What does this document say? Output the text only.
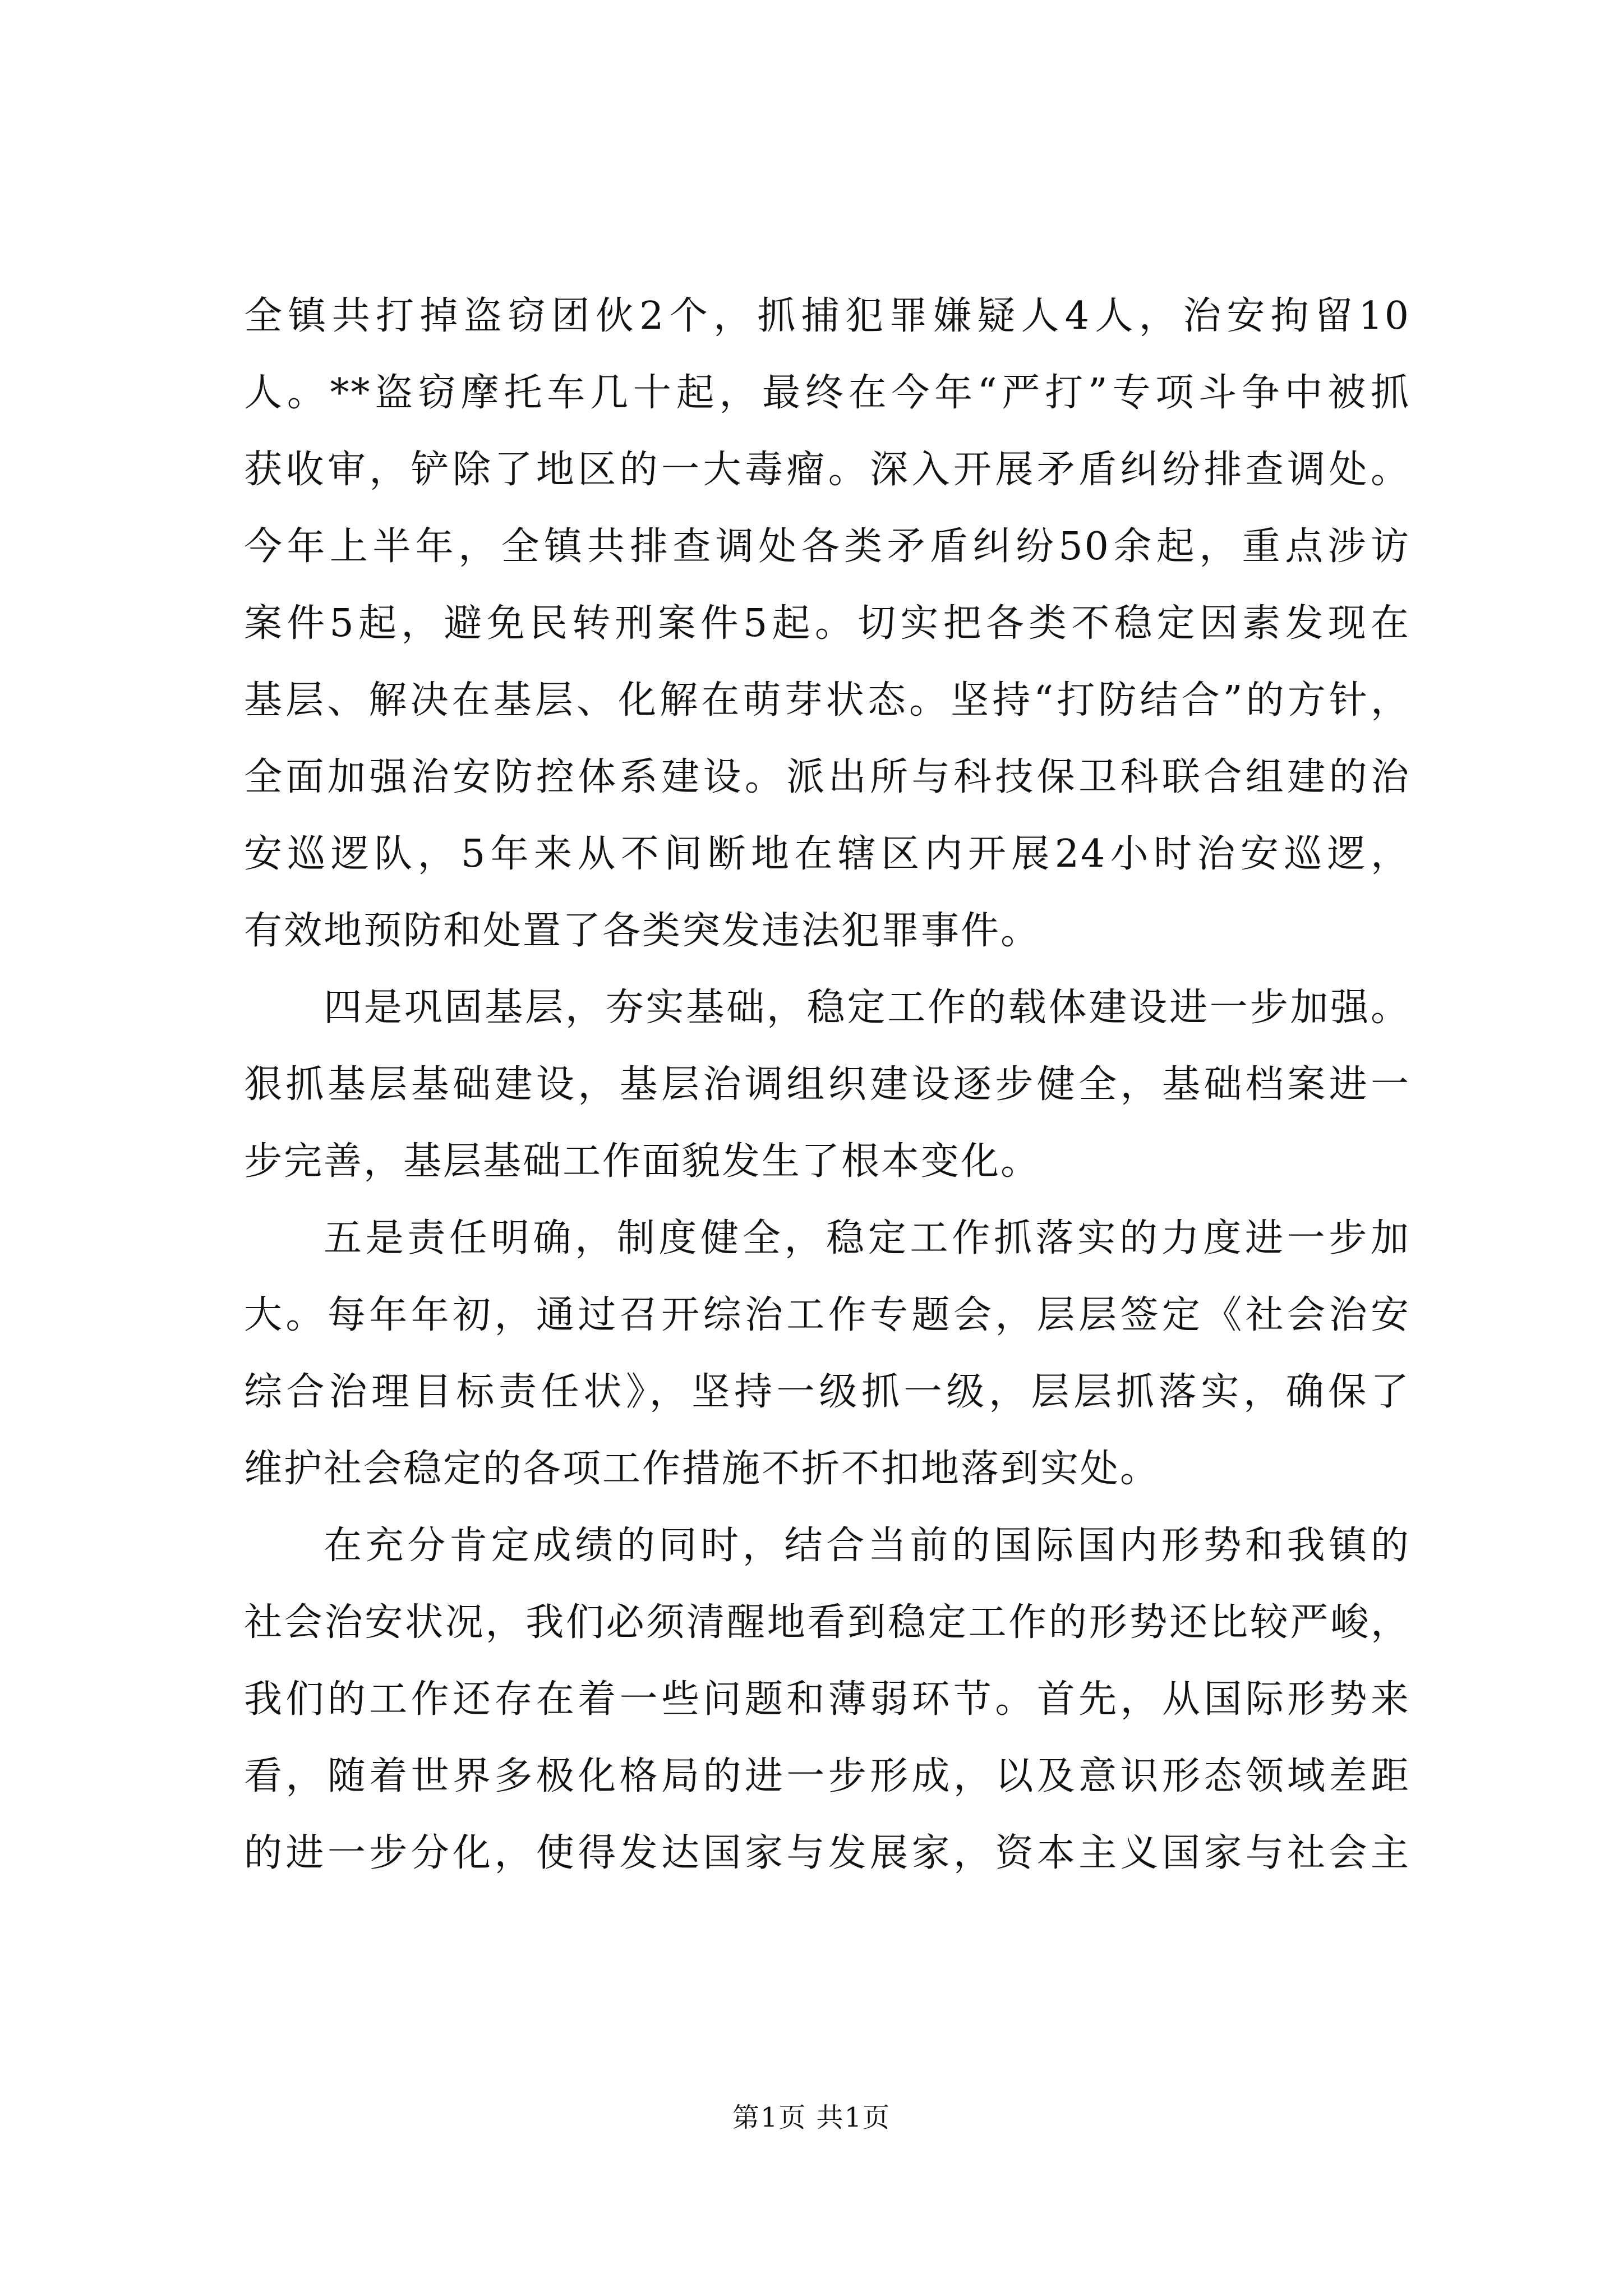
全镇共打掉盗窃团伙2个，抓捕犯罪嫌疑人4人，治安拘留10
人。**盗窃摩托车几十起，最终在今年“严打”专项斗争中被抓
获收审，铲除了地区的一大毒瘤。深入开展矛盾纠纷排查调处。
今年上半年，全镇共排查调处各类矛盾纠纷50余起，重点涉访
案件5起，避免民转刑案件5起。切实把各类不稳定因素发现在
基层、解决在基层、化解在萌芽状态。坚持“打防结合”的方针，
全面加强治安防控体系建设。派出所与科技保卫科联合组建的治
安巡逻队，5年来从不间断地在辖区内开展24小时治安巡逻，
有效地预防和处置了各类突发违法犯罪事件。
四是巩固基层，夯实基础，稳定工作的载体建设进一步加强。
狠抓基层基础建设，基层治调组织建设逐步健全，基础档案进一
步完善，基层基础工作面貌发生了根本变化。
五是责任明确，制度健全，稳定工作抓落实的力度进一步加
大。每年年初，通过召开综治工作专题会，层层签定《社会治安
综合治理目标责任状》，坚持一级抓一级，层层抓落实，确保了
维护社会稳定的各项工作措施不折不扣地落到实处。
在充分肯定成绩的同时，结合当前的国际国内形势和我镇的
社会治安状况，我们必须清醒地看到稳定工作的形势还比较严峻，
我们的工作还存在着一些问题和薄弱环节。首先，从国际形势来
看，随着世界多极化格局的进一步形成，以及意识形态领域差距
的进一步分化，使得发达国家与发展家，资本主义国家与社会主
第1页 共1页
